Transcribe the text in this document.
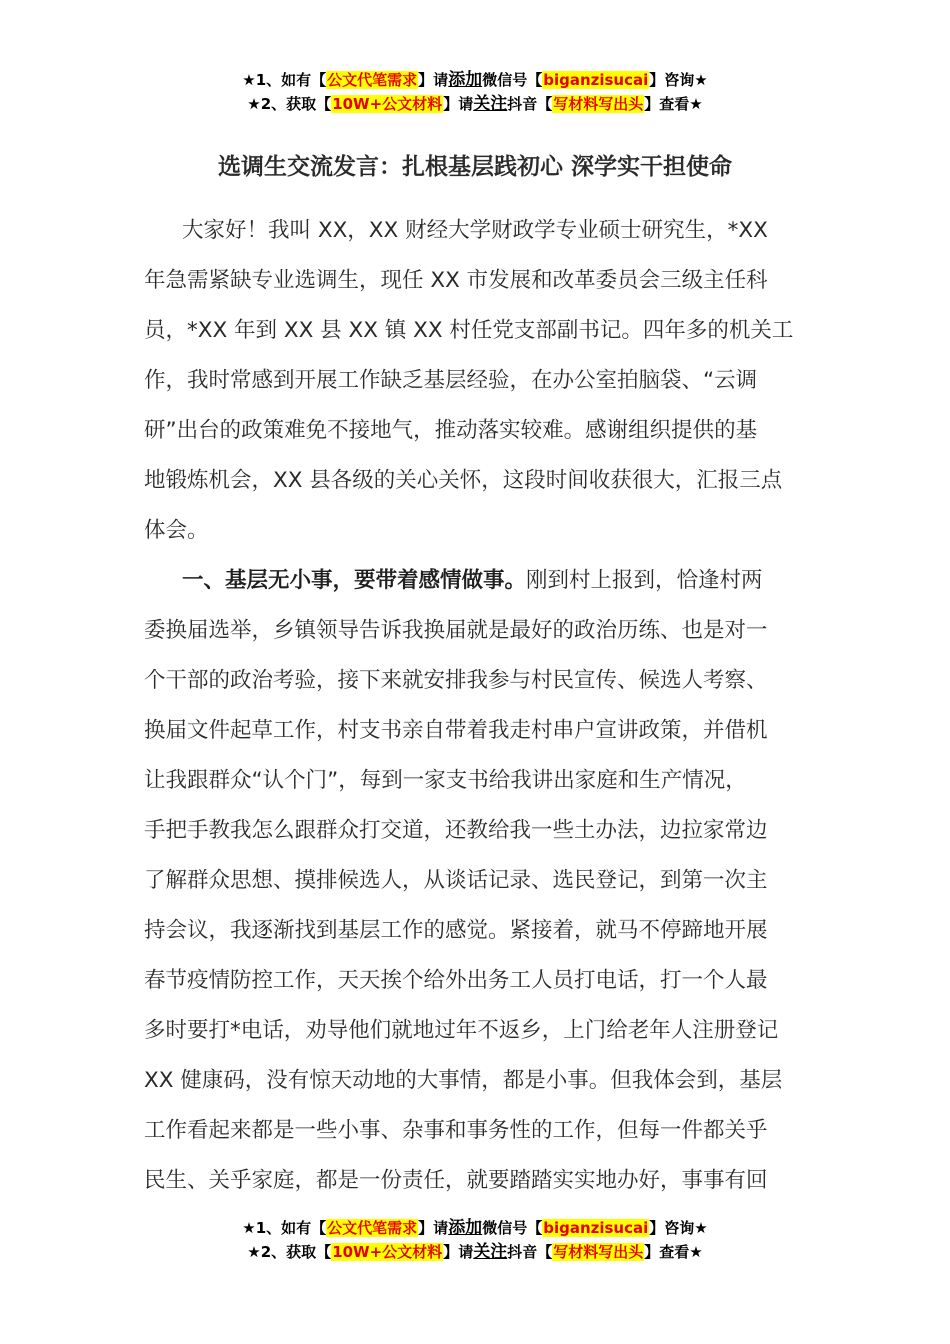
★1、如有【公文代笔需求】请添加微信号【biganzisucai】咨询★
★2、获取【10W+公文材料】请关注抖音【写材料写出头】查看★
选调生交流发言：扎根基层践初心 深学实干担使命
大家好！我叫 XX，XX 财经大学财政学专业硕士研究生，*XX
年急需紧缺专业选调生，现任 XX 市发展和改革委员会三级主任科
员，*XX 年到 XX 县 XX 镇 XX 村任党支部副书记。四年多的机关工
作，我时常感到开展工作缺乏基层经验，在办公室拍脑袋、“云调
研”出台的政策难免不接地气，推动落实较难。感谢组织提供的基
地锻炼机会，XX 县各级的关心关怀，这段时间收获很大，汇报三点
体会。
一、基层无小事，要带着感情做事。刚到村上报到，恰逢村两
委换届选举，乡镇领导告诉我换届就是最好的政治历练、也是对一
个干部的政治考验，接下来就安排我参与村民宣传、候选人考察、
换届文件起草工作，村支书亲自带着我走村串户宣讲政策，并借机
让我跟群众“认个门”，每到一家支书给我讲出家庭和生产情况，
手把手教我怎么跟群众打交道，还教给我一些土办法，边拉家常边
了解群众思想、摸排候选人，从谈话记录、选民登记，到第一次主
持会议，我逐渐找到基层工作的感觉。紧接着，就马不停蹄地开展
春节疫情防控工作，天天挨个给外出务工人员打电话，打一个人最
多时要打*电话，劝导他们就地过年不返乡，上门给老年人注册登记
XX 健康码，没有惊天动地的大事情，都是小事。但我体会到，基层
工作看起来都是一些小事、杂事和事务性的工作，但每一件都关乎
民生、关乎家庭，都是一份责任，就要踏踏实实地办好，事事有回
★1、如有【公文代笔需求】请添加微信号【biganzisucai】咨询★
★2、获取【10W+公文材料】请关注抖音【写材料写出头】查看★
